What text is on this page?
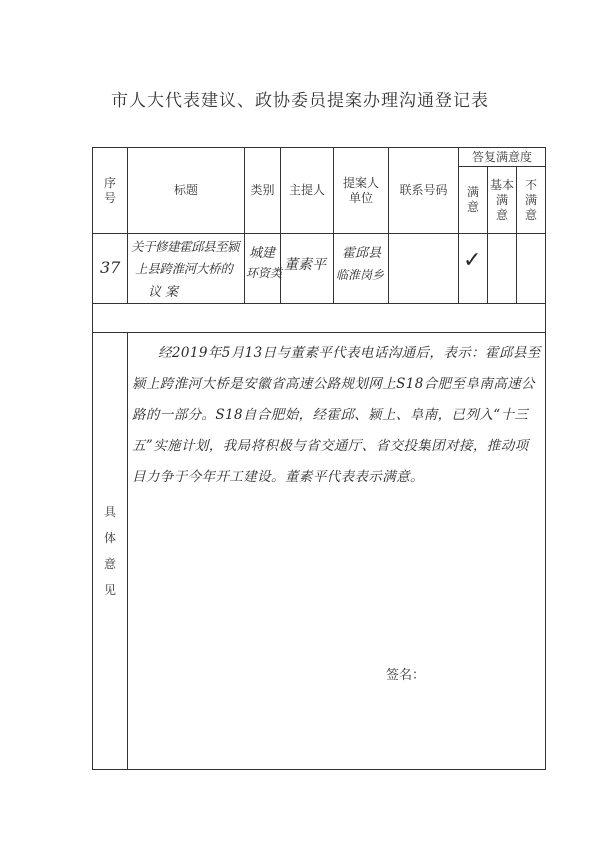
市人大代表建议、政协委员提案办理沟通登记表
序
号
标题	类别	主提人
提案人
单位
联系号码
答复满意度
满
意
基本
满
意
不
满
意
37
关于修建霍邱县至颍
上县跨淮河大桥的
议案
城建
环资类 董素平
霍邱县
临淮岗乡
✓
具
体
意
见
经2019年5月13日与董素平代表电话沟通后，表示：霍邱县至颍上跨淮河大桥是安徽省高速公路规划网上S18合肥至阜南高速公路的一部分。S18自合肥始，经霍邱、颍上、阜南，已列入“十三五”实施计划，我局将积极与省交通厅、省交投集团对接，推动项目力争于今年开工建设。董素平代表表示满意。
签名：
